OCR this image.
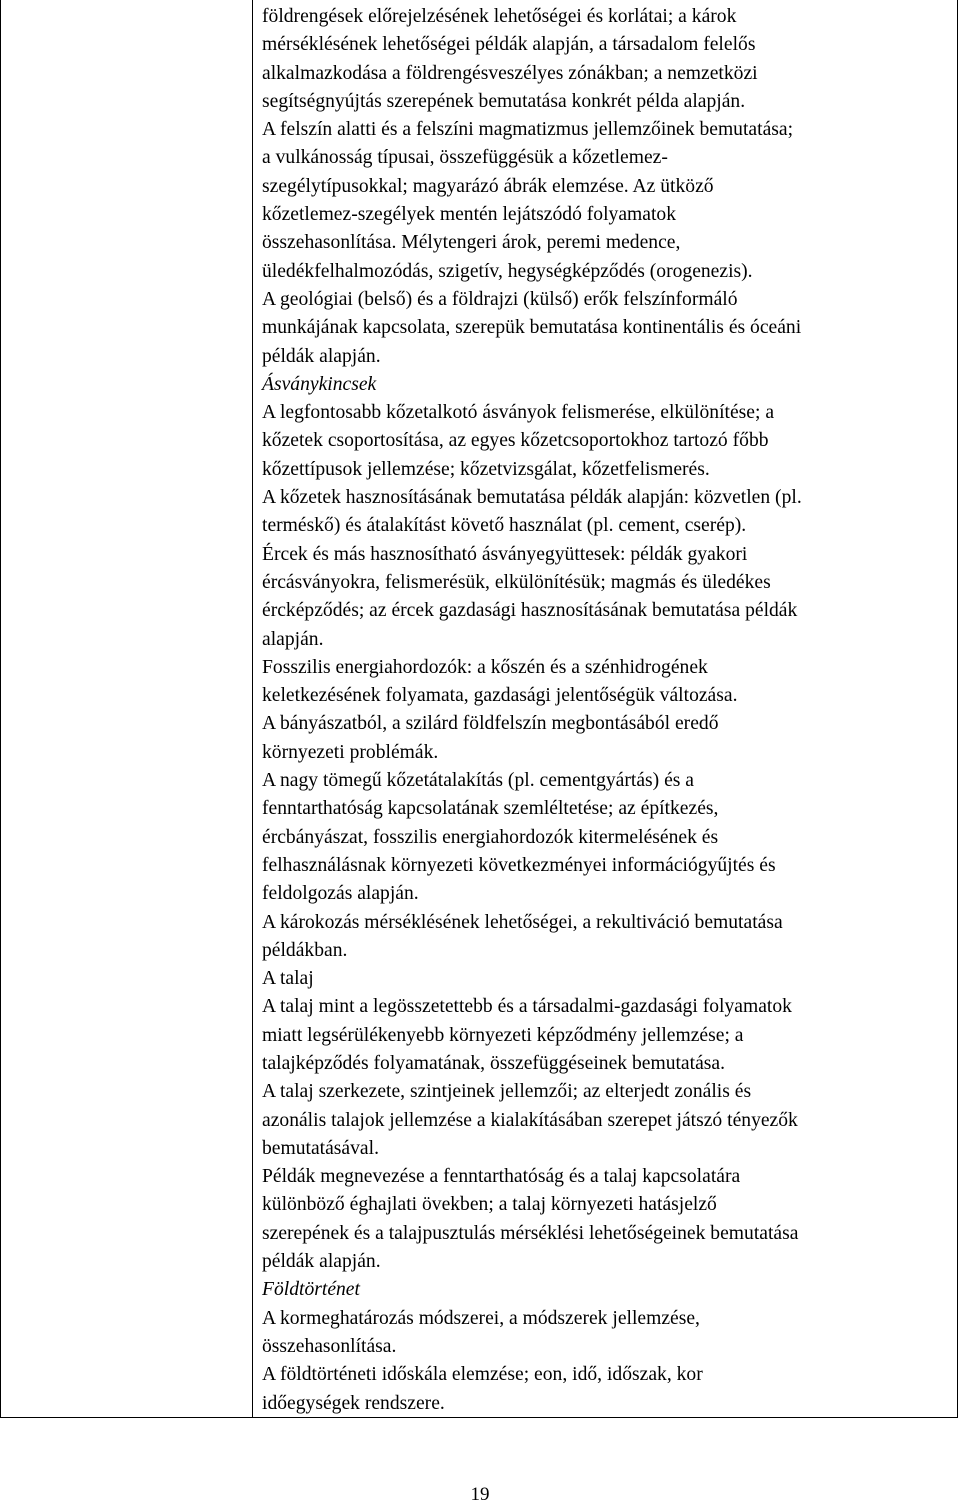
földrengések előrejelzésének lehetőségei és korlátai; a károk
mérséklésének lehetőségei példák alapján, a társadalom felelős
alkalmazkodása a földrengésveszélyes zónákban; a nemzetközi
segítségnyújtás szerepének bemutatása konkrét példa alapján.
A felszín alatti és a felszíni magmatizmus jellemzőinek bemutatása;
a vulkánosság típusai, összefüggésük a kőzetlemez-
szegélytípusokkal; magyarázó ábrák elemzése. Az ütköző
kőzetlemez-szegélyek mentén lejátszódó folyamatok
összehasonlítása. Mélytengeri árok, peremi medence,
üledékfelhalmozódás, szigetív, hegységképződés (orogenezis).
A geológiai (belső) és a földrajzi (külső) erők felszínformáló
munkájának kapcsolata, szerepük bemutatása kontinentális és óceáni
példák alapján.
Ásványkincsek
A legfontosabb kőzetalkotó ásványok felismerése, elkülönítése; a
kőzetek csoportosítása, az egyes kőzetcsoportokhoz tartozó főbb
kőzettípusok jellemzése; kőzetvizsgálat, kőzetfelismerés.
A kőzetek hasznosításának bemutatása példák alapján: közvetlen (pl.
terméskő) és átalakítást követő használat (pl. cement, cserép).
Ércek és más hasznosítható ásványegyüttesek: példák gyakori
ércásványokra, felismerésük, elkülönítésük; magmás és üledékes
ércképződés; az ércek gazdasági hasznosításának bemutatása példák
alapján.
Fosszilis energiahordozók: a kőszén és a szénhidrogének
keletkezésének folyamata, gazdasági jelentőségük változása.
A bányászatból, a szilárd földfelszín megbontásából eredő
környezeti problémák.
A nagy tömegű kőzetátalakítás (pl. cementgyártás) és a
fenntarthatóság kapcsolatának szemléltetése; az építkezés,
ércbányászat, fosszilis energiahordozók kitermelésének és
felhasználásnak környezeti következményei információgyűjtés és
feldolgozás alapján.
A károkozás mérséklésének lehetőségei, a rekultiváció bemutatása
példákban.
A talaj
A talaj mint a legösszetettebb és a társadalmi-gazdasági folyamatok
miatt legsérülékenyebb környezeti képződmény jellemzése; a
talajképződés folyamatának, összefüggéseinek bemutatása.
A talaj szerkezete, szintjeinek jellemzői; az elterjedt zonális és
azonális talajok jellemzése a kialakításában szerepet játszó tényezők
bemutatásával.
Példák megnevezése a fenntarthatóság és a talaj kapcsolatára
különböző éghajlati övekben; a talaj környezeti hatásjelző
szerepének és a talajpusztulás mérséklési lehetőségeinek bemutatása
példák alapján.
Földtörténet
A kormeghatározás módszerei, a módszerek jellemzése,
összehasonlítása.
A földtörténeti időskála elemzése; eon, idő, időszak, kor
időegységek rendszere.
19
